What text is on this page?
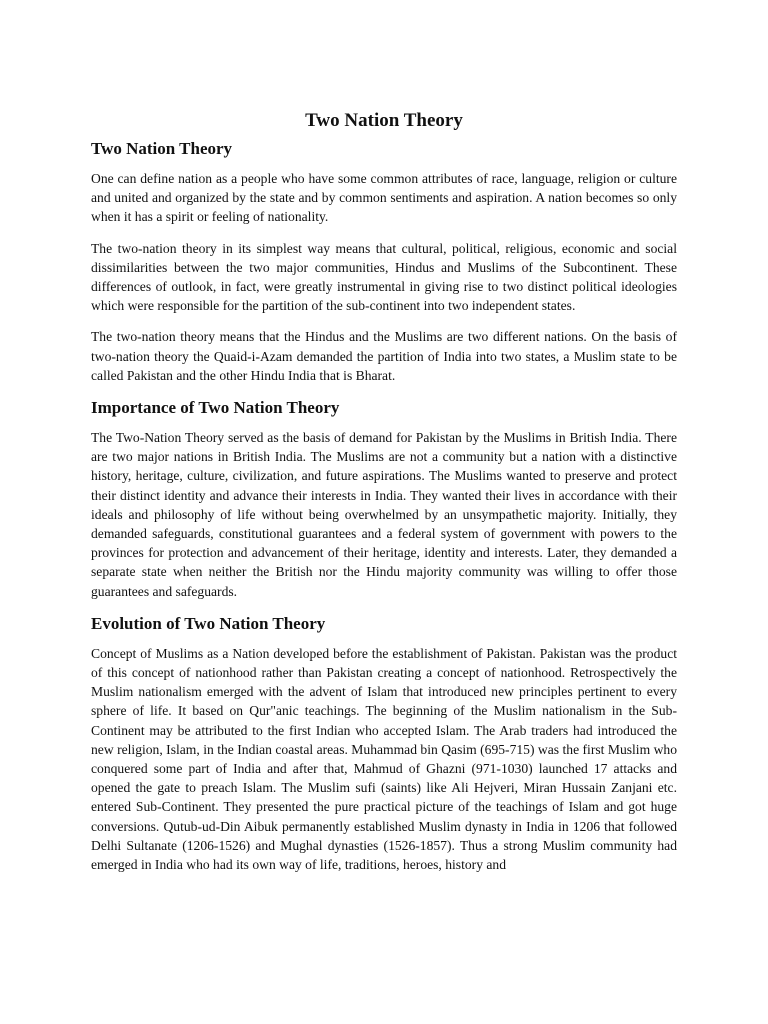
Two Nation Theory
Two Nation Theory

One can define nation as a people who have some common attributes of race, language, religion or culture and united and organized by the state and by common sentiments and aspiration. A nation becomes so only when it has a spirit or feeling of nationality.

The two-nation theory in its simplest way means that cultural, political, religious, economic and social dissimilarities between the two major communities, Hindus and Muslims of the Subcontinent. These differences of outlook, in fact, were greatly instrumental in giving rise to two distinct political ideologies which were responsible for the partition of the sub-continent into two independent states.

The two-nation theory means that the Hindus and the Muslims are two different nations. On the basis of two-nation theory the Quaid-i-Azam demanded the partition of India into two states, a Muslim state to be called Pakistan and the other Hindu India that is Bharat.

Importance of Two Nation Theory

The Two-Nation Theory served as the basis of demand for Pakistan by the Muslims in British India. There are two major nations in British India. The Muslims are not a community but a nation with a distinctive history, heritage, culture, civilization, and future aspirations. The Muslims wanted to preserve and protect their distinct identity and advance their interests in India. They wanted their lives in accordance with their ideals and philosophy of life without being overwhelmed by an unsympathetic majority. Initially, they demanded safeguards, constitutional guarantees and a federal system of government with powers to the provinces for protection and advancement of their heritage, identity and interests. Later, they demanded a separate state when neither the British nor the Hindu majority community was willing to offer those guarantees and safeguards.

Evolution of Two Nation Theory

Concept of Muslims as a Nation developed before the establishment of Pakistan. Pakistan was the product of this concept of nationhood rather than Pakistan creating a concept of nationhood. Retrospectively the Muslim nationalism emerged with the advent of Islam that introduced new principles pertinent to every sphere of life. It based on Qur"anic teachings. The beginning of the Muslim nationalism in the Sub-Continent may be attributed to the first Indian who accepted Islam. The Arab traders had introduced the new religion, Islam, in the Indian coastal areas. Muhammad bin Qasim (695-715) was the first Muslim who conquered some part of India and after that, Mahmud of Ghazni (971-1030) launched 17 attacks and opened the gate to preach Islam. The Muslim sufi (saints) like Ali Hejveri, Miran Hussain Zanjani etc. entered Sub-Continent. They presented the pure practical picture of the teachings of Islam and got huge conversions. Qutub-ud-Din Aibuk permanently established Muslim dynasty in India in 1206 that followed Delhi Sultanate (1206-1526) and Mughal dynasties (1526-1857). Thus a strong Muslim community had emerged in India who had its own way of life, traditions, heroes, history and
